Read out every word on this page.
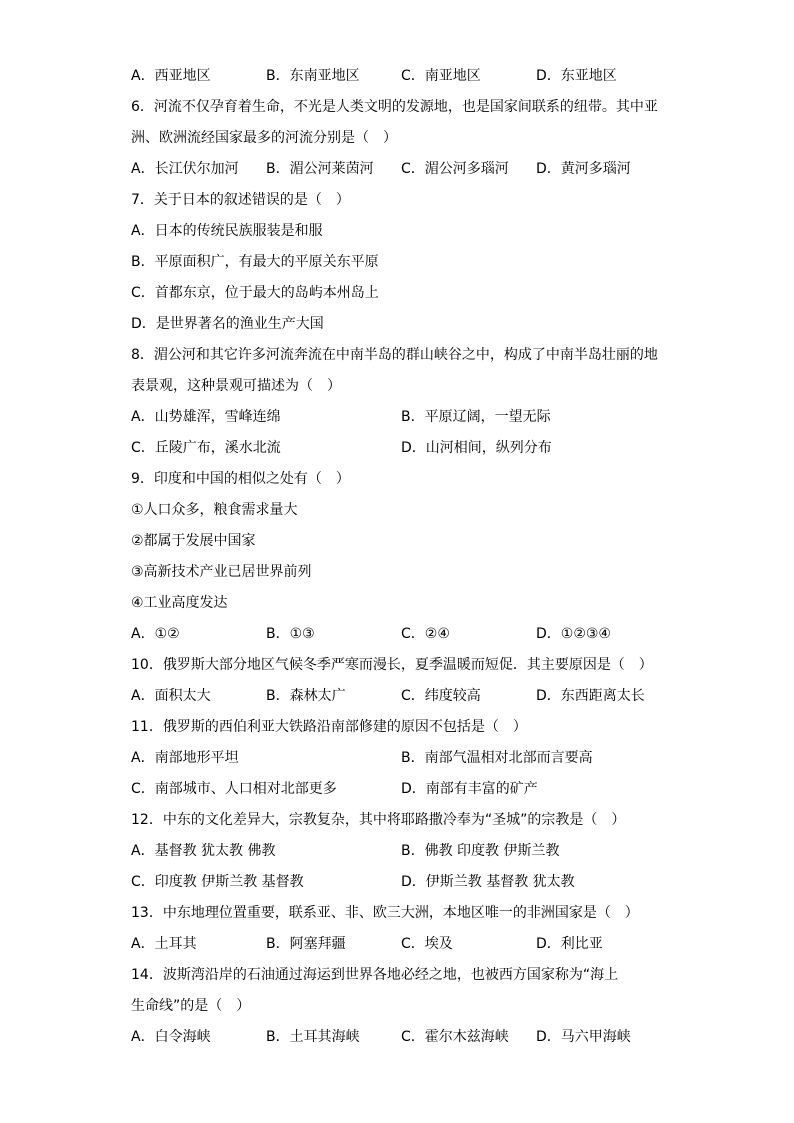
A．西亚地区	B．东南亚地区	C．南亚地区	D．东亚地区
6．河流不仅孕育着生命，不光是人类文明的发源地，也是国家间联系的纽带。其中亚
洲、欧洲流经国家最多的河流分别是（　）
A．长江伏尔加河	B．湄公河莱茵河	C．湄公河多瑙河	D．黄河多瑙河
7．关于日本的叙述错误的是（　）
A．日本的传统民族服装是和服
B．平原面积广，有最大的平原关东平原
C．首都东京，位于最大的岛屿本州岛上
D．是世界著名的渔业生产大国
8．湄公河和其它许多河流奔流在中南半岛的群山峡谷之中，构成了中南半岛壮丽的地
表景观，这种景观可描述为（　）
A．山势雄浑，雪峰连绵	B．平原辽阔，一望无际
C．丘陵广布，溪水北流	D．山河相间，纵列分布
9．印度和中国的相似之处有（　）
①人口众多，粮食需求量大
②都属于发展中国家
③高新技术产业已居世界前列
④工业高度发达
A．①②	B．①③	C．②④	D．①②③④
10．俄罗斯大部分地区气候冬季严寒而漫长，夏季温暖而短促．其主要原因是（　）
A．面积太大	B．森林太广	C．纬度较高	D．东西距离太长
11．俄罗斯的西伯利亚大铁路沿南部修建的原因不包括是（　）
A．南部地形平坦	B．南部气温相对北部而言要高
C．南部城市、人口相对北部更多	D．南部有丰富的矿产
12．中东的文化差异大，宗教复杂，其中将耶路撒冷奉为“圣城”的宗教是（　）
A．基督教 犹太教 佛教	B．佛教 印度教 伊斯兰教
C．印度教 伊斯兰教 基督教	D．伊斯兰教 基督教 犹太教
13．中东地理位置重要，联系亚、非、欧三大洲，本地区唯一的非洲国家是（　）
A．土耳其	B．阿塞拜疆	C．埃及	D．利比亚
14．波斯湾沿岸的石油通过海运到世界各地必经之地，也被西方国家称为“海上
生命线”的是（　）
A．白令海峡	B．土耳其海峡	C．霍尔木兹海峡	D．马六甲海峡
